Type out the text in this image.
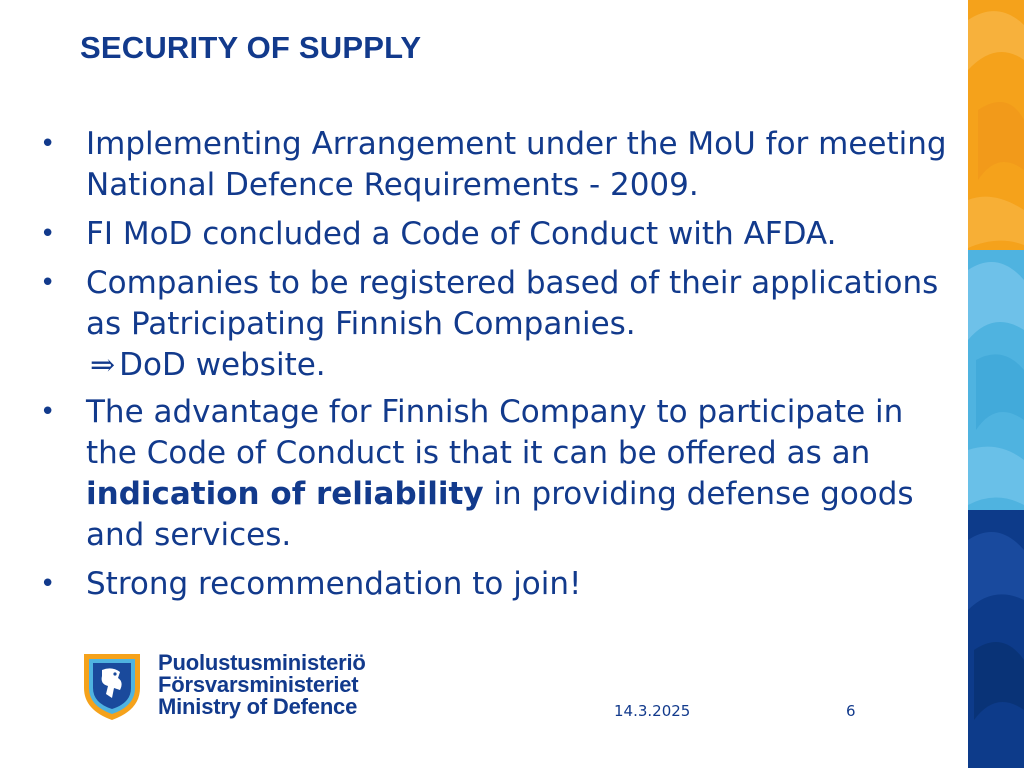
SECURITY OF SUPPLY
• Implementing Arrangement under the MoU for meeting National Defence Requirements - 2009.
• FI MoD concluded a Code of Conduct with AFDA.
• Companies to be registered based of their applications as Patricipating Finnish Companies.
⇒ DoD website.
• The advantage for Finnish Company to participate in the Code of Conduct is that it can be offered as an indication of reliability in providing defense goods and services.
• Strong recommendation to join!
Puolustusministeriö
Försvarsministeriet
Ministry of Defence	14.3.2025	6
